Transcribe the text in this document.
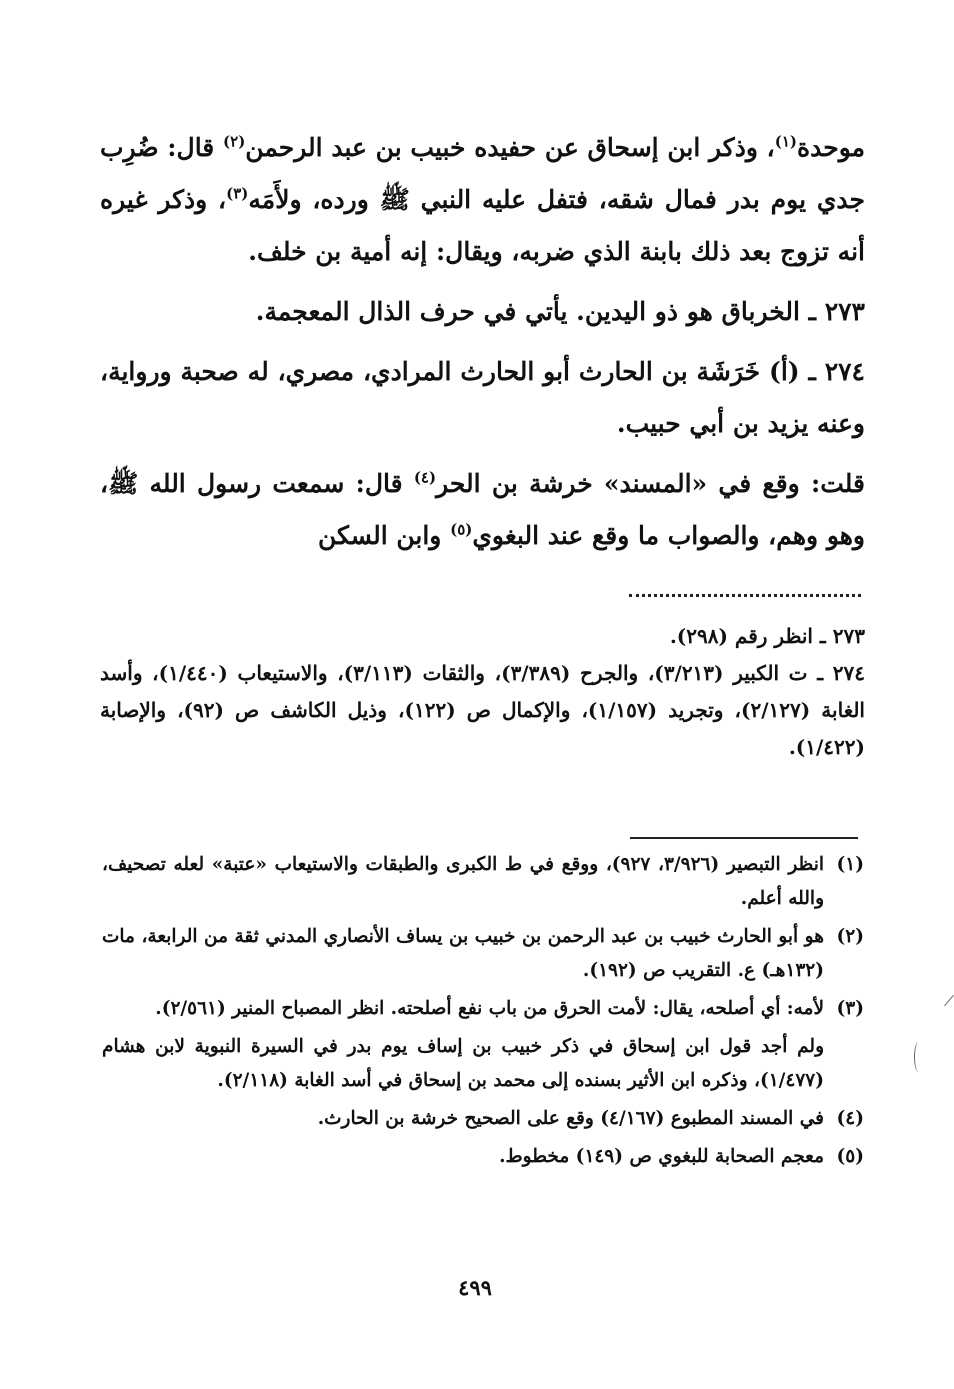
موحدة$^{(١)}$، وذكر ابن إسحاق عن حفيده خبيب بن عبد الرحمن$^{(٢)}$ قال: ضُرِب جدي يوم بدر فمال شقه، فتفل عليه النبي ﷺ ورده، ولأَمَه$^{(٣)}$، وذكر غيره أنه تزوج بعد ذلك بابنة الذي ضربه، ويقال: إنه أمية بن خلف.

٢٧٣ ـ الخرباق هو ذو اليدين. يأتي في حرف الذال المعجمة.

٢٧٤ ـ (أ) خَرَشَة بن الحارث أبو الحارث المرادي، مصري، له صحبة ورواية، وعنه يزيد بن أبي حبيب.

قلت: وقع في «المسند» خرشة بن الحر$^{(٤)}$ قال: سمعت رسول الله ﷺ، وهو وهم، والصواب ما وقع عند البغوي$^{(٥)}$ وابن السكن

٢٧٣ ـ انظر رقم (٢٩٨).

٢٧٤ ـ ت الكبير (٣/٢١٣)، والجرح (٣/٣٨٩)، والثقات (٣/١١٣)، والاستيعاب (١/٤٤٠)، وأسد الغابة (٢/١٢٧)، وتجريد (١/١٥٧)، والإكمال ص (١٢٢)، وذيل الكاشف ص (٩٢)، والإصابة (١/٤٢٢).

(١)
انظر التبصير (٣/٩٢٦، ٩٢٧)، ووقع في ط الكبرى والطبقات والاستيعاب «عتبة» لعله تصحيف، والله أعلم.
(٢)
هو أبو الحارث خبيب بن عبد الرحمن بن خبيب بن يساف الأنصاري المدني ثقة من الرابعة، مات (١٣٢هـ) ع. التقريب ص (١٩٢).
(٣)
لأمه: أي أصلحه، يقال: لأمت الحرق من باب نفع أصلحته. انظر المصباح المنير (٢/٥٦١).
ولم أجد قول ابن إسحاق في ذكر خبيب بن إساف يوم بدر في السيرة النبوية لابن هشام (١/٤٧٧)، وذكره ابن الأثير بسنده إلى محمد بن إسحاق في أسد الغابة (٢/١١٨).
(٤)
في المسند المطبوع (٤/١٦٧) وقع على الصحيح خرشة بن الحارث.
(٥)
معجم الصحابة للبغوي ص (١٤٩) مخطوط.
٤٩٩
